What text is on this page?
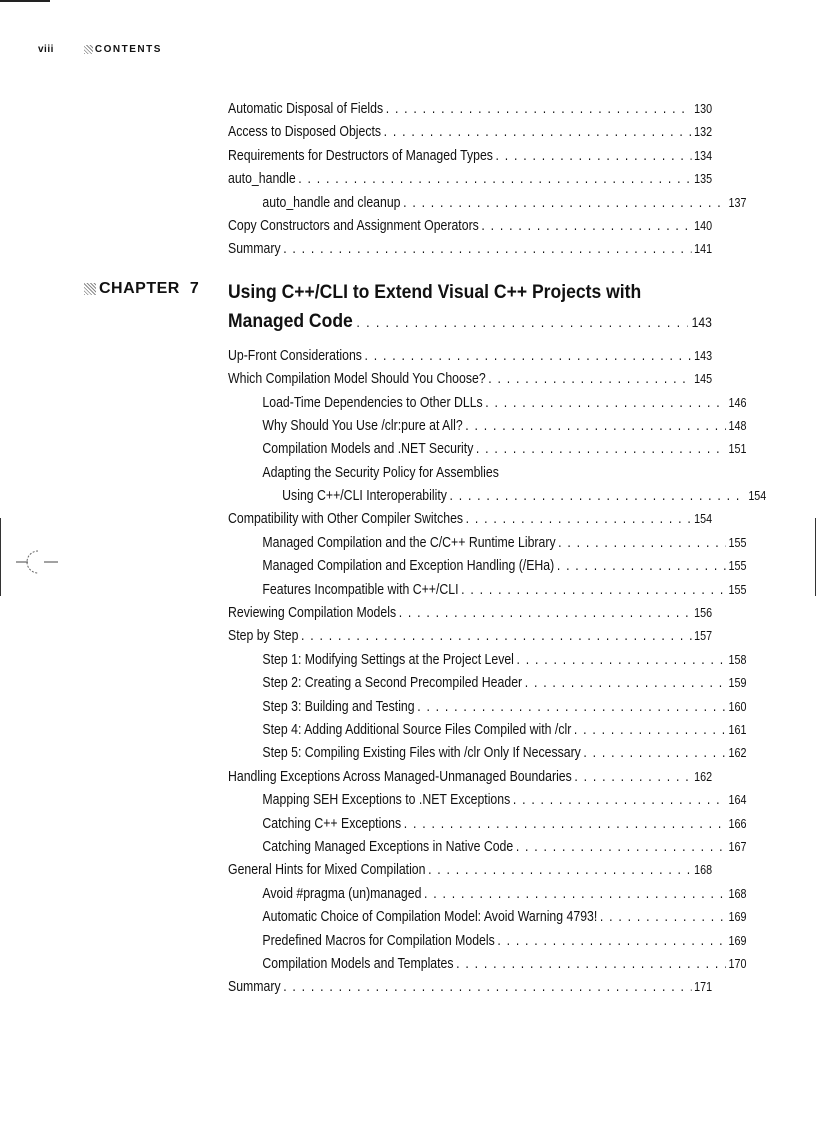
viii	CONTENTS
Automatic Disposal of Fields . . .	130
Access to Disposed Objects . . .	132
Requirements for Destructors of Managed Types . . .	134
auto_handle . . .	135
auto_handle and cleanup . . .	137
Copy Constructors and Assignment Operators . . .	140
Summary . . .	141
CHAPTER 7 Using C++/CLI to Extend Visual C++ Projects with
Managed Code . . .	143
Up-Front Considerations . . .	143
Which Compilation Model Should You Choose? . . .	145
Load-Time Dependencies to Other DLLs . . .	146
Why Should You Use /clr:pure at All? . . .	148
Compilation Models and .NET Security . . .	151
Adapting the Security Policy for Assemblies
Using C++/CLI Interoperability . . .	154
Compatibility with Other Compiler Switches . . .	154
Managed Compilation and the C/C++ Runtime Library . . .	155
Managed Compilation and Exception Handling (/EHa) . . .	155
Features Incompatible with C++/CLI . . .	155
Reviewing Compilation Models . . .	156
Step by Step . . .	157
Step 1: Modifying Settings at the Project Level . . .	158
Step 2: Creating a Second Precompiled Header . . .	159
Step 3: Building and Testing . . .	160
Step 4: Adding Additional Source Files Compiled with /clr . . .	161
Step 5: Compiling Existing Files with /clr Only If Necessary . . .	162
Handling Exceptions Across Managed-Unmanaged Boundaries . . .	162
Mapping SEH Exceptions to .NET Exceptions . . .	164
Catching C++ Exceptions . . .	166
Catching Managed Exceptions in Native Code . . .	167
General Hints for Mixed Compilation . . .	168
Avoid #pragma (un)managed . . .	168
Automatic Choice of Compilation Model: Avoid Warning 4793! . . .	169
Predefined Macros for Compilation Models . . .	169
Compilation Models and Templates . . .	170
Summary . . .	171
